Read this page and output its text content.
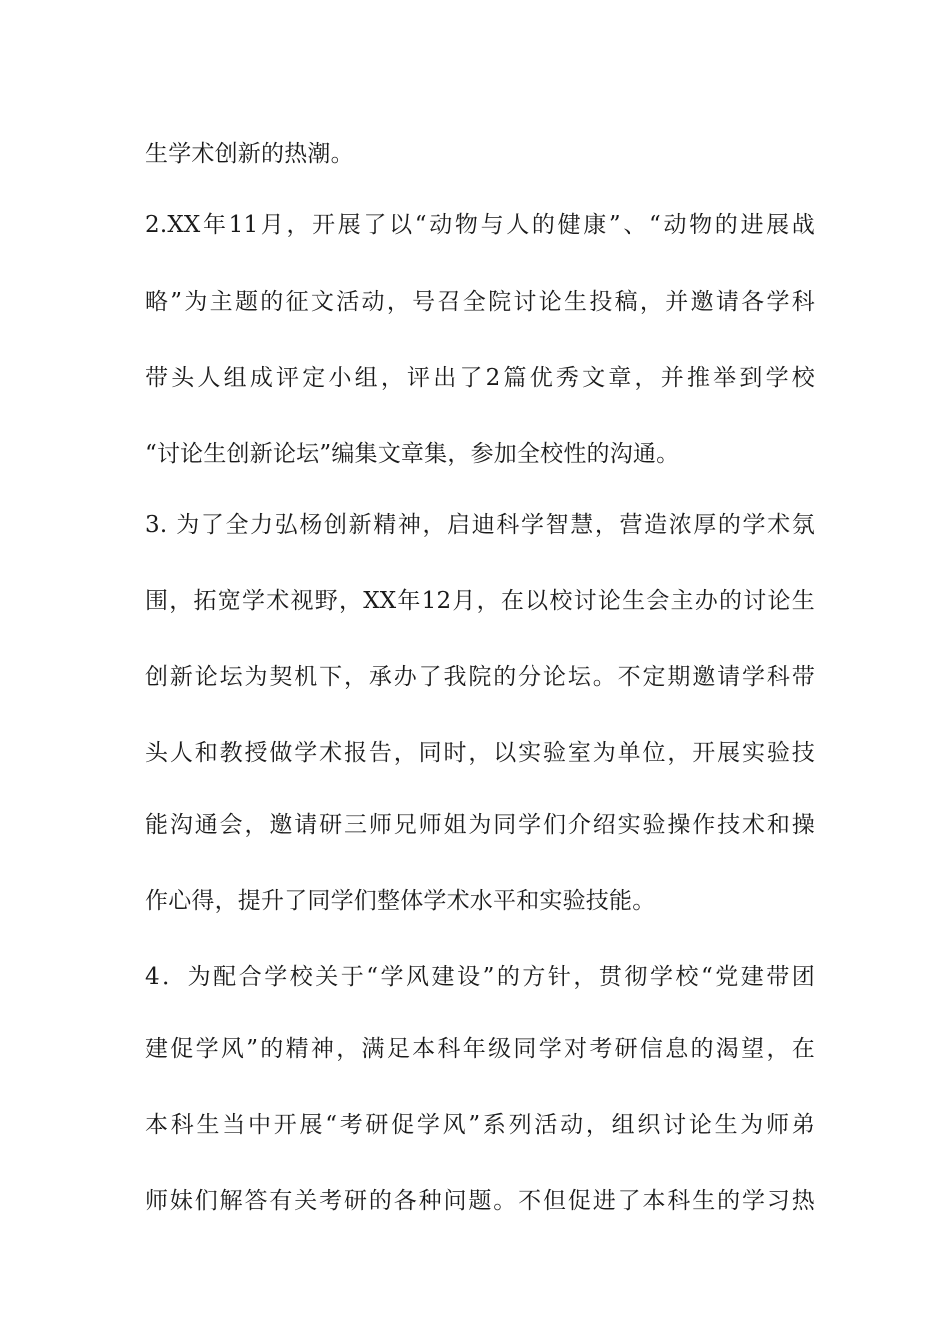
生学术创新的热潮。
2.XX年11月，开展了以“动物与人的健康”、“动物的进展战
略”为主题的征文活动，号召全院讨论生投稿，并邀请各学科
带头人组成评定小组，评出了2篇优秀文章，并推举到学校
“讨论生创新论坛”编集文章集，参加全校性的沟通。
3. 为了全力弘杨创新精神，启迪科学智慧，营造浓厚的学术氛
围，拓宽学术视野，XX年12月，在以校讨论生会主办的讨论生
创新论坛为契机下，承办了我院的分论坛。不定期邀请学科带
头人和教授做学术报告，同时，以实验室为单位，开展实验技
能沟通会，邀请研三师兄师姐为同学们介绍实验操作技术和操
作心得，提升了同学们整体学术水平和实验技能。
4．为配合学校关于“学风建设”的方针，贯彻学校“党建带团
建促学风”的精神，满足本科年级同学对考研信息的渴望，在
本科生当中开展“考研促学风”系列活动，组织讨论生为师弟
师妹们解答有关考研的各种问题。不但促进了本科生的学习热
